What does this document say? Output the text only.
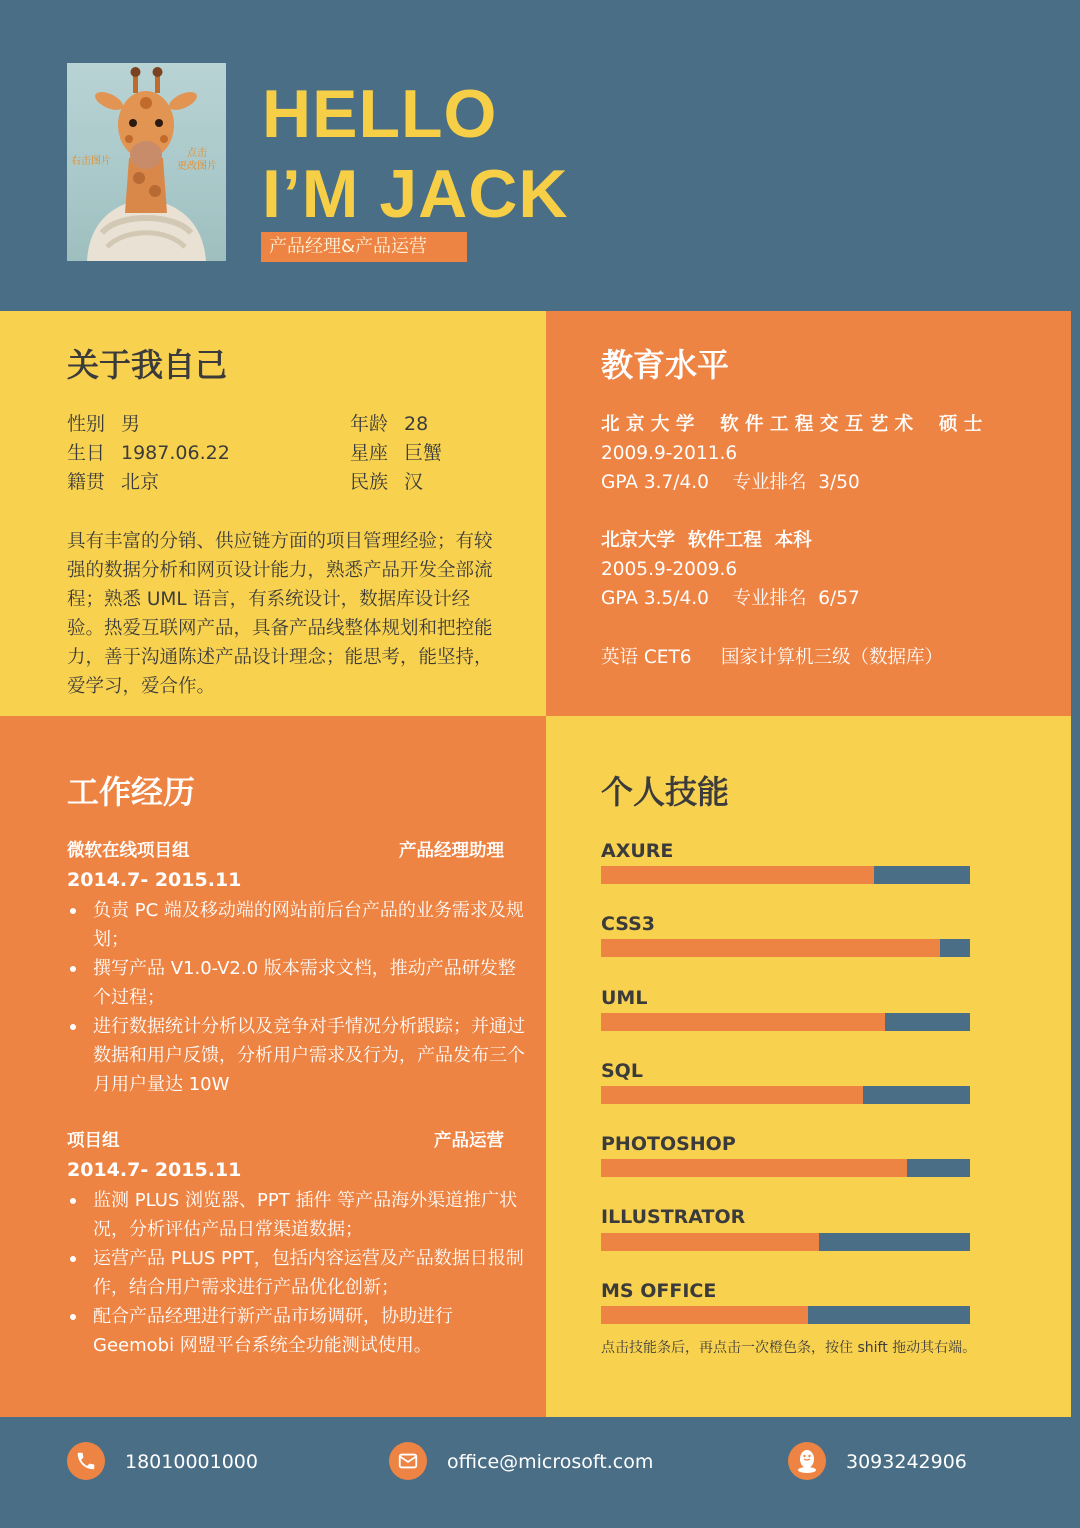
右击图片
点击
更改图片
HELLO
I’M JACK
产品经理&产品运营
关于我自己
性别 男	年龄 28
生日 1987.06.22	星座 巨蟹
籍贯 北京	民族 汉
具有丰富的分销、供应链方面的项目管理经验；有较强的数据分析和网页设计能力，熟悉产品开发全部流程；熟悉 UML 语言，有系统设计，数据库设计经验。热爱互联网产品，具备产品线整体规划和把控能力，善于沟通陈述产品设计理念；能思考，能坚持，爱学习，爱合作。
教育水平
北 京 大 学    软 件 工 程 交 互 艺 术    硕 士
2009.9-2011.6
GPA 3.7/4.0    专业排名  3/50
北京大学  软件工程  本科
2005.9-2009.6
GPA 3.5/4.0    专业排名  6/57
英语 CET6     国家计算机三级（数据库）
工作经历
微软在线项目组	产品经理助理
2014.7- 2015.11
负责 PC 端及移动端的网站前后台产品的业务需求及规划；
撰写产品 V1.0-V2.0 版本需求文档，推动产品研发整个过程；
进行数据统计分析以及竞争对手情况分析跟踪；并通过数据和用户反馈，分析用户需求及行为，产品发布三个月用户量达 10W
项目组	产品运营
2014.7- 2015.11
监测 PLUS 浏览器、PPT 插件 等产品海外渠道推广状况，分析评估产品日常渠道数据；
运营产品 PLUS PPT，包括内容运营及产品数据日报制作，结合用户需求进行产品优化创新；
配合产品经理进行新产品市场调研，协助进行 Geemobi 网盟平台系统全功能测试使用。
个人技能
AXURE
CSS3
UML
SQL
PHOTOSHOP
ILLUSTRATOR
MS OFFICE
点击技能条后，再点击一次橙色条，按住 shift 拖动其右端。
18010001000	office@microsoft.com	3093242906
